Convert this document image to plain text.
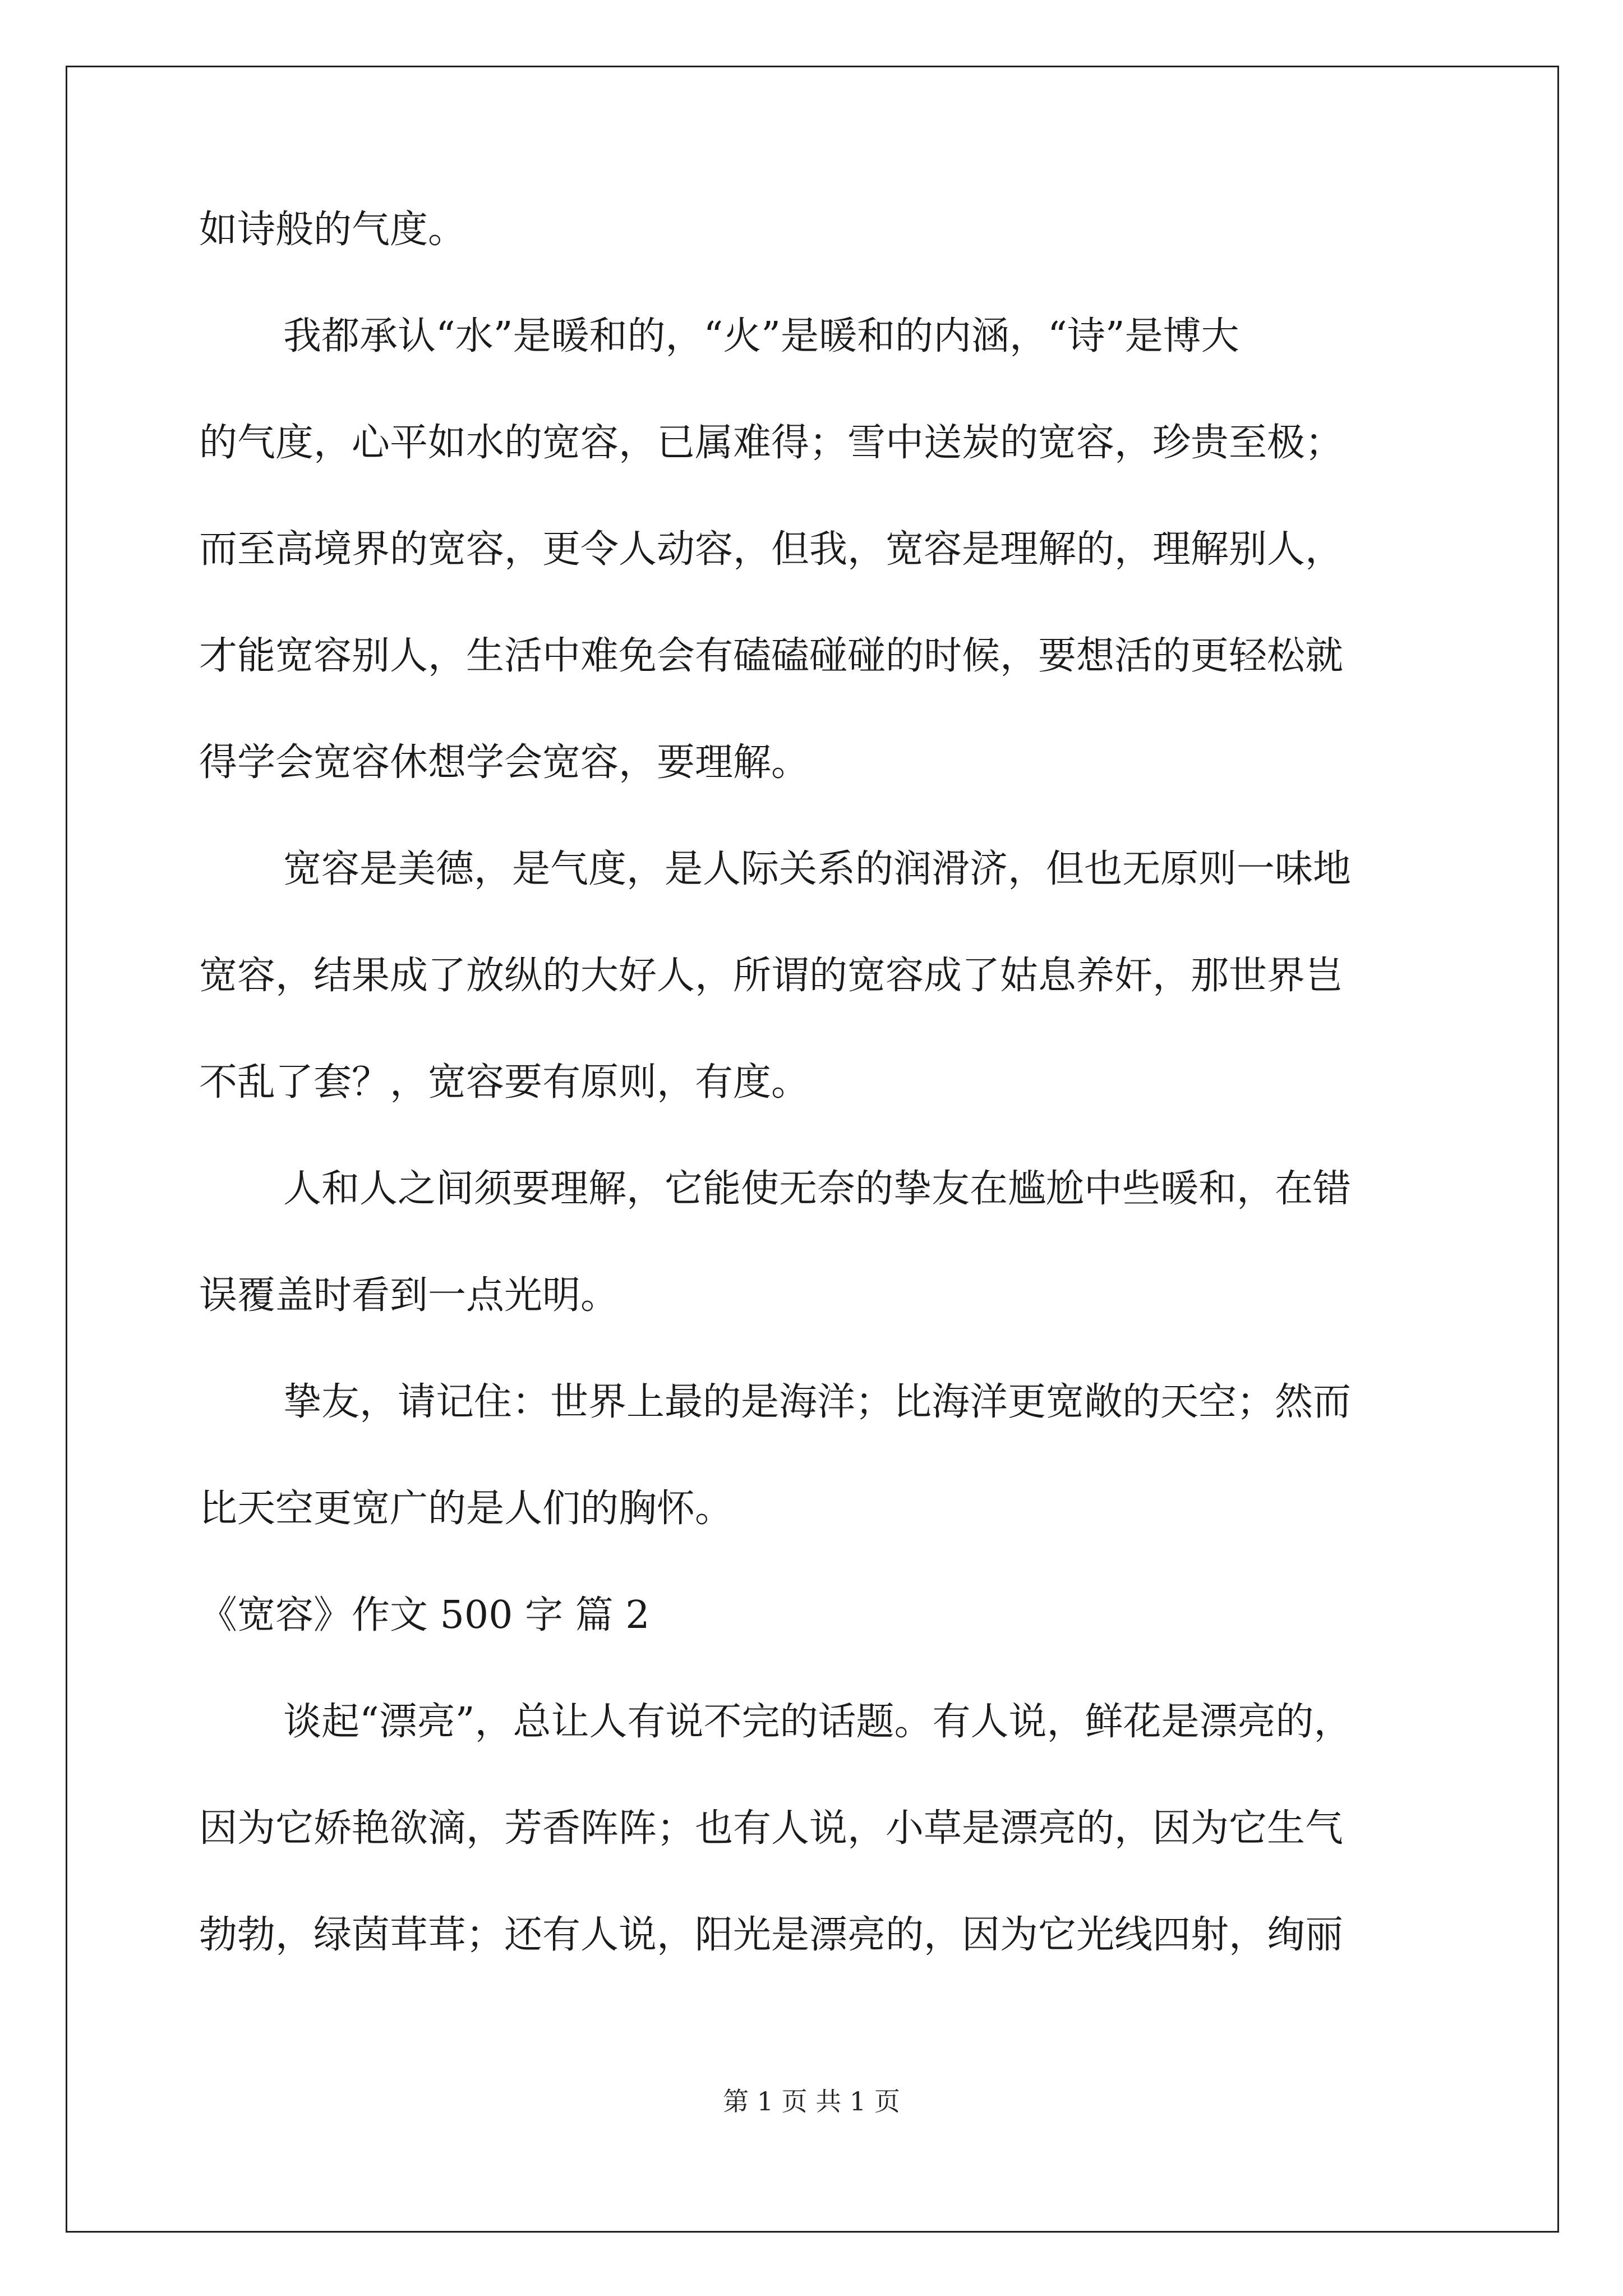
如诗般的气度。
我都承认“水”是暖和的，“火”是暖和的内涵，“诗”是博大
的气度，心平如水的宽容，已属难得；雪中送炭的宽容，珍贵至极；
而至高境界的宽容，更令人动容，但我，宽容是理解的，理解别人，
才能宽容别人，生活中难免会有磕磕碰碰的时候，要想活的更轻松就
得学会宽容休想学会宽容，要理解。
宽容是美德，是气度，是人际关系的润滑济，但也无原则一味地
宽容，结果成了放纵的大好人，所谓的宽容成了姑息养奸，那世界岂
不乱了套？，宽容要有原则，有度。
人和人之间须要理解，它能使无奈的挚友在尴尬中些暖和，在错
误覆盖时看到一点光明。
挚友，请记住：世界上最的是海洋；比海洋更宽敞的天空；然而
比天空更宽广的是人们的胸怀。
《宽容》作文 500 字 篇 2
谈起“漂亮”，总让人有说不完的话题。有人说，鲜花是漂亮的，
因为它娇艳欲滴，芳香阵阵；也有人说，小草是漂亮的，因为它生气
勃勃，绿茵茸茸；还有人说，阳光是漂亮的，因为它光线四射，绚丽
第 1 页 共 1 页
